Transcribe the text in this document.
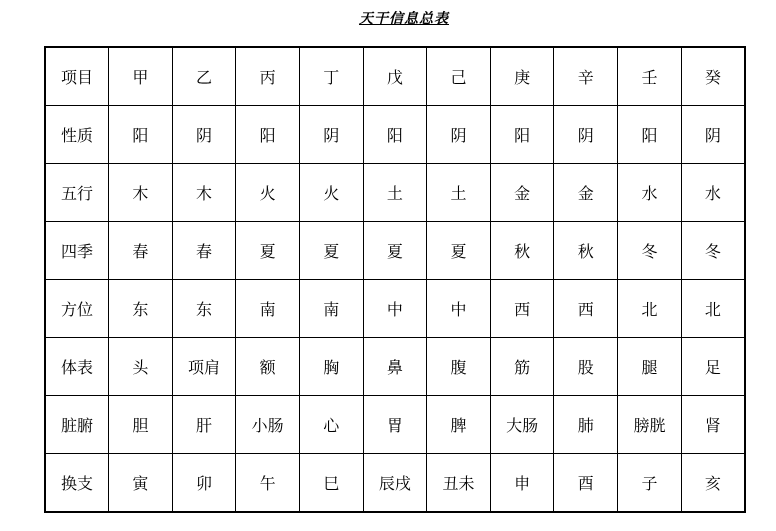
天干信息总表
项目	甲	乙	丙	丁	戊	己	庚	辛	壬	癸
性质	阳	阴	阳	阴	阳	阴	阳	阴	阳	阴
五行	木	木	火	火	土	土	金	金	水	水
四季	春	春	夏	夏	夏	夏	秋	秋	冬	冬
方位	东	东	南	南	中	中	西	西	北	北
体表	头	项肩	额	胸	鼻	腹	筋	股	腿	足
脏腑	胆	肝	小肠	心	胃	脾	大肠	肺	膀胱	肾
换支	寅	卯	午	巳	辰戌	丑未	申	酉	子	亥
